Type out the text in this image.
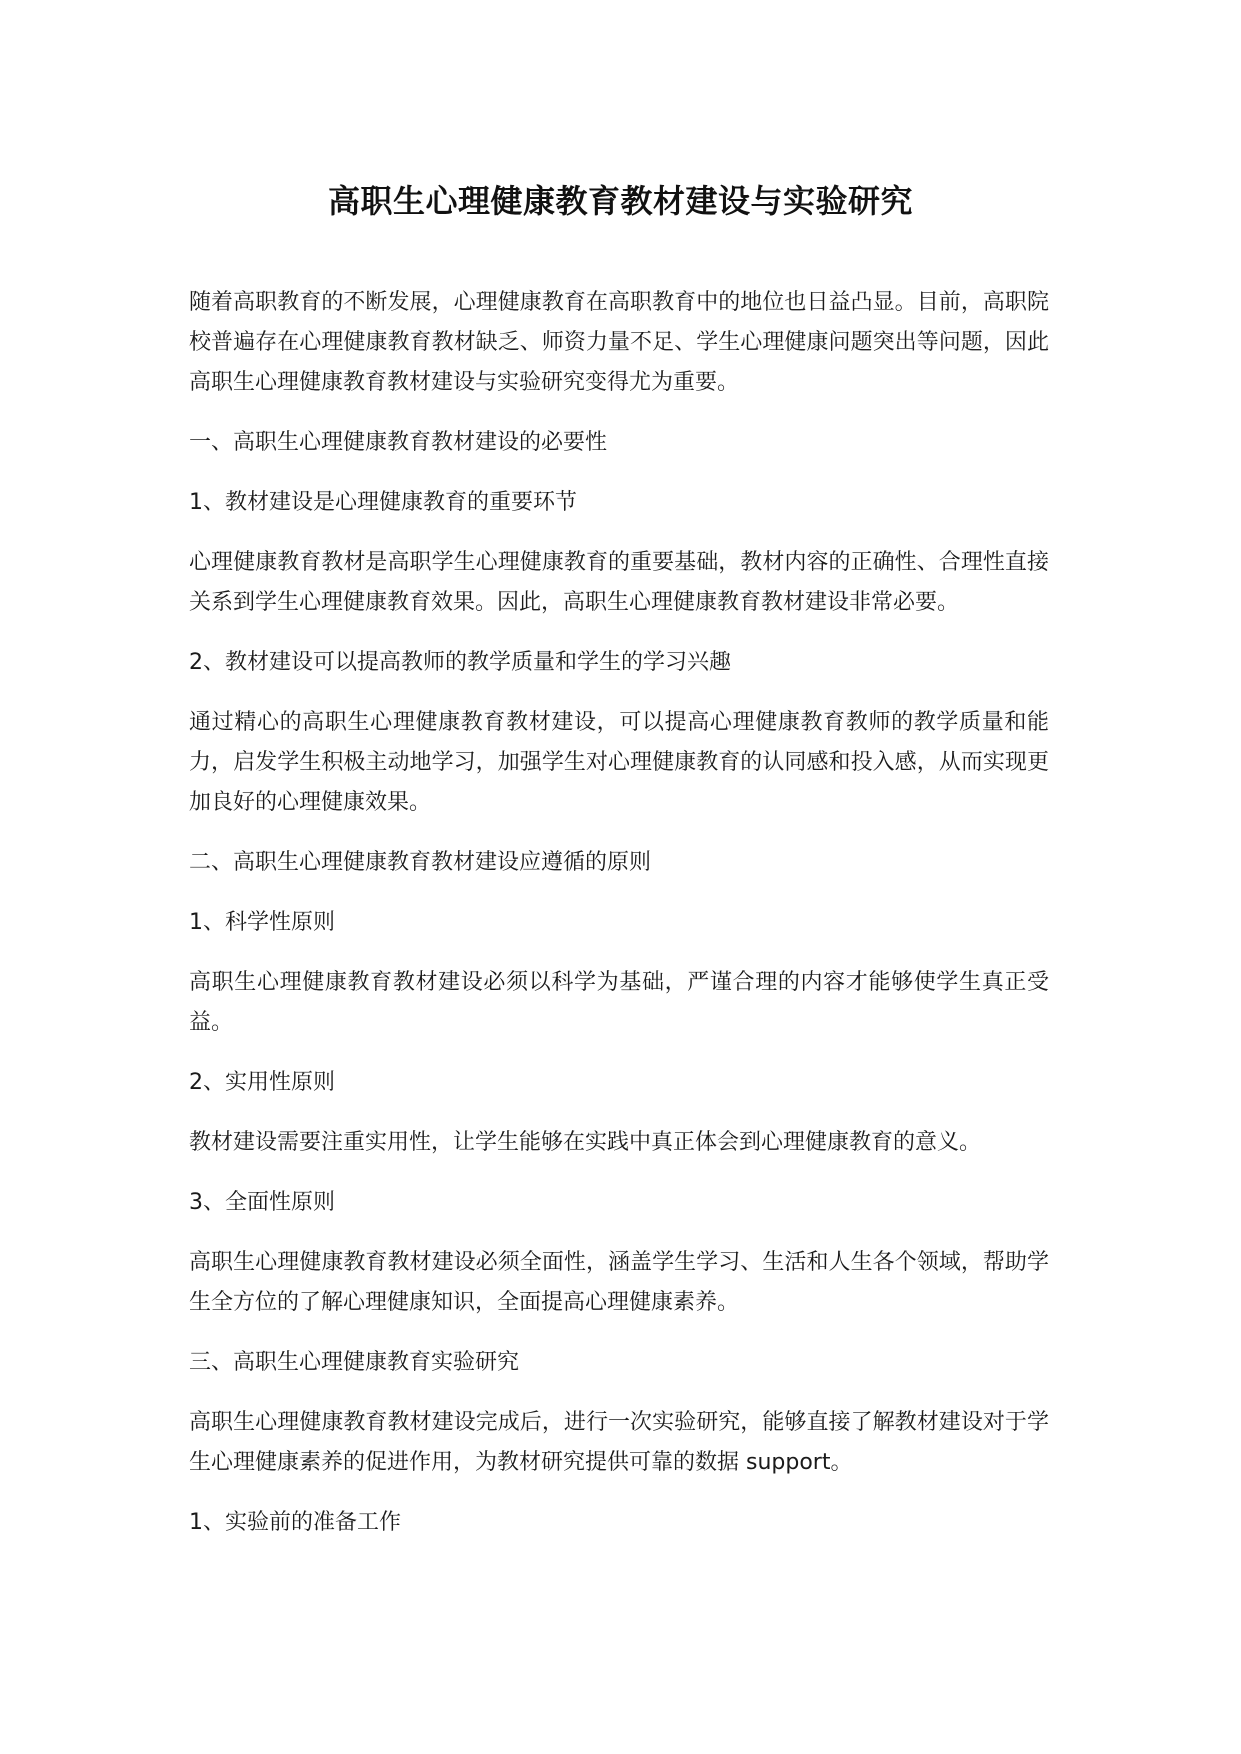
高职生心理健康教育教材建设与实验研究

随着高职教育的不断发展，心理健康教育在高职教育中的地位也日益凸显。目前，高职院校普遍存在心理健康教育教材缺乏、师资力量不足、学生心理健康问题突出等问题，因此高职生心理健康教育教材建设与实验研究变得尤为重要。

一、高职生心理健康教育教材建设的必要性

1、教材建设是心理健康教育的重要环节

心理健康教育教材是高职学生心理健康教育的重要基础，教材内容的正确性、合理性直接关系到学生心理健康教育效果。因此，高职生心理健康教育教材建设非常必要。

2、教材建设可以提高教师的教学质量和学生的学习兴趣

通过精心的高职生心理健康教育教材建设，可以提高心理健康教育教师的教学质量和能力，启发学生积极主动地学习，加强学生对心理健康教育的认同感和投入感，从而实现更加良好的心理健康效果。

二、高职生心理健康教育教材建设应遵循的原则

1、科学性原则

高职生心理健康教育教材建设必须以科学为基础，严谨合理的内容才能够使学生真正受益。

2、实用性原则

教材建设需要注重实用性，让学生能够在实践中真正体会到心理健康教育的意义。

3、全面性原则

高职生心理健康教育教材建设必须全面性，涵盖学生学习、生活和人生各个领域，帮助学生全方位的了解心理健康知识，全面提高心理健康素养。

三、高职生心理健康教育实验研究

高职生心理健康教育教材建设完成后，进行一次实验研究，能够直接了解教材建设对于学生心理健康素养的促进作用，为教材研究提供可靠的数据 support。

1、实验前的准备工作
